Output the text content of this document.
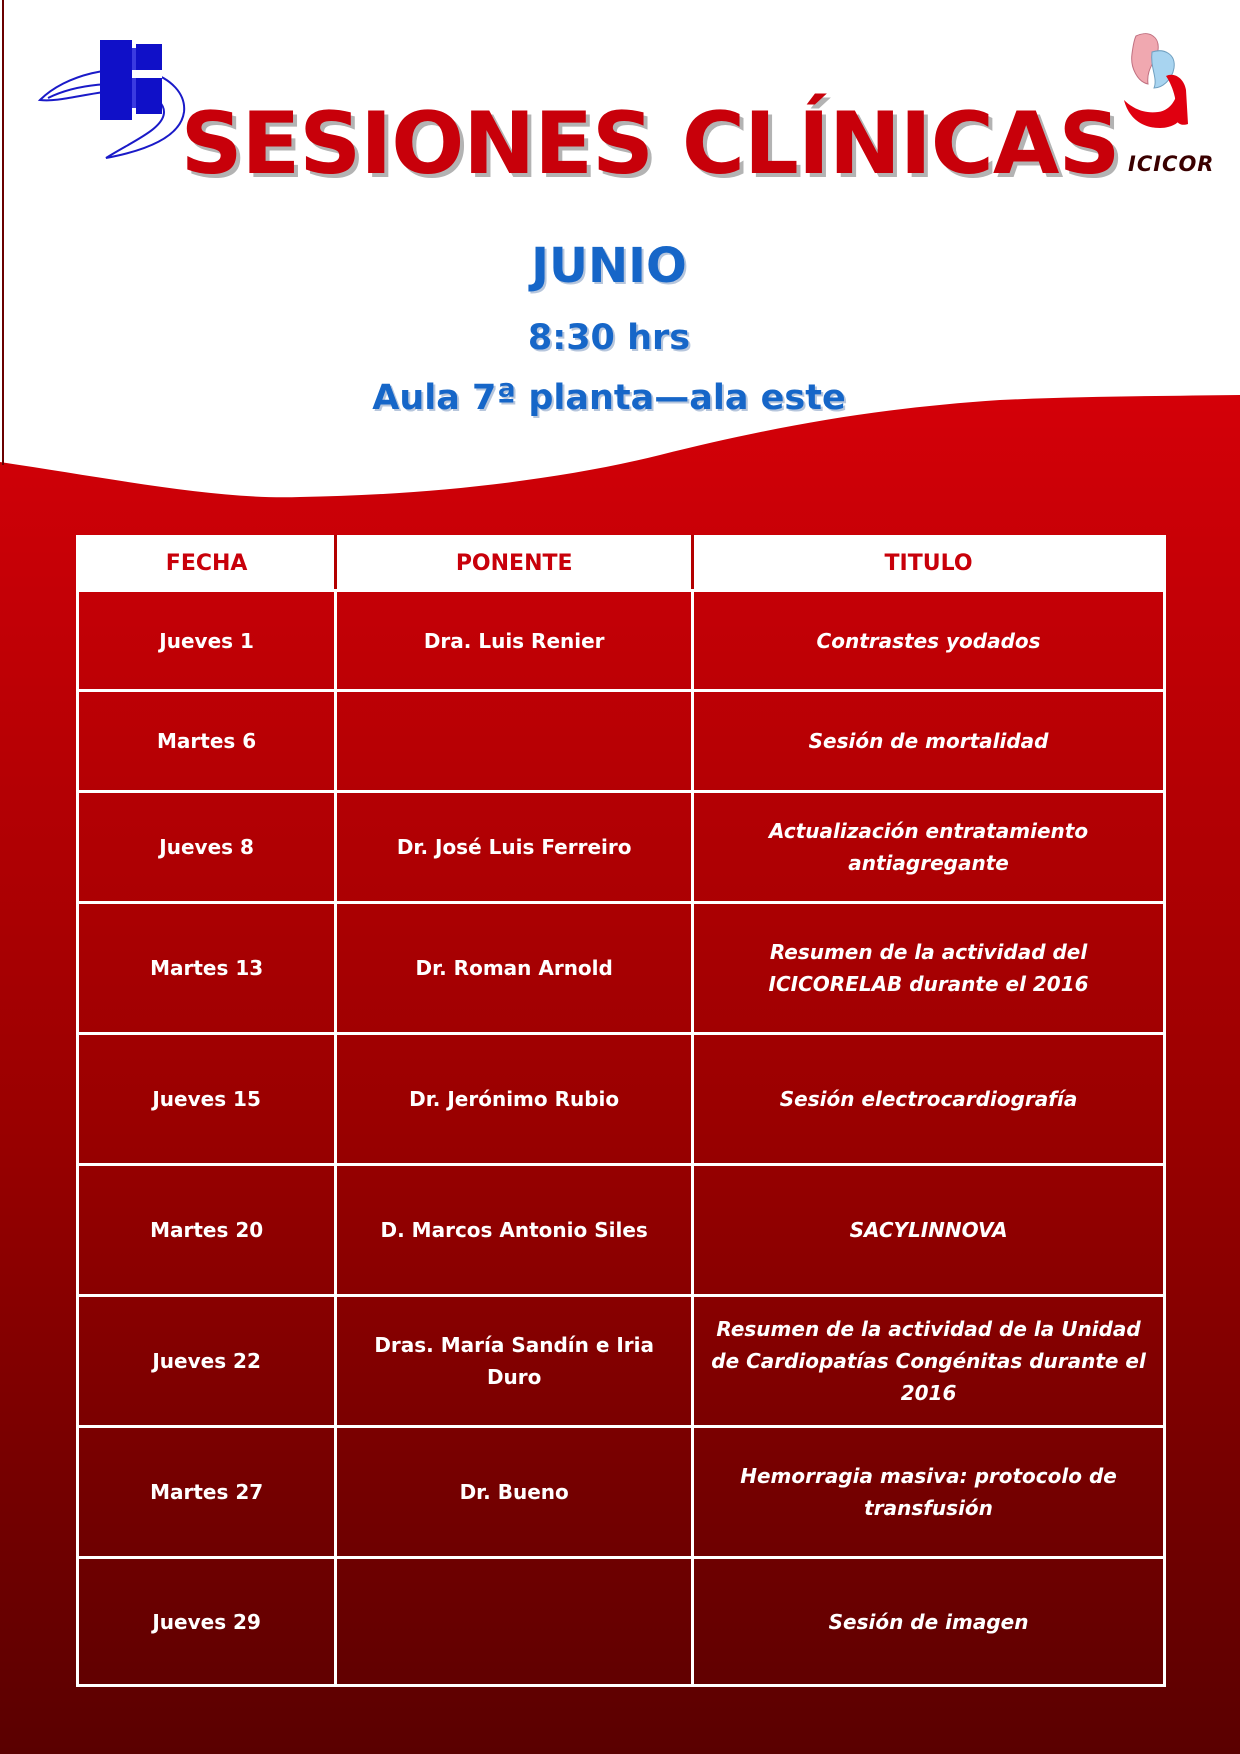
ICICOR
SESIONES CLÍNICAS
JUNIO
8:30 hrs
Aula 7ª planta—ala este
FECHA	PONENTE	TITULO
Jueves 1	Dra. Luis Renier	Contrastes yodados
Martes 6		Sesión de mortalidad
Jueves 8	Dr. José Luis Ferreiro	Actualización entratamiento antiagregante
Martes 13	Dr. Roman Arnold	Resumen de la actividad del ICICORELAB durante el 2016
Jueves 15	Dr. Jerónimo Rubio	Sesión electrocardiografía
Martes 20	D. Marcos Antonio Siles	SACYLINNOVA
Jueves 22	Dras. María Sandín e Iria Duro	Resumen de la actividad de la Unidad de Cardiopatías Congénitas durante el 2016
Martes 27	Dr. Bueno	Hemorragia masiva: protocolo de transfusión
Jueves 29		Sesión de imagen
